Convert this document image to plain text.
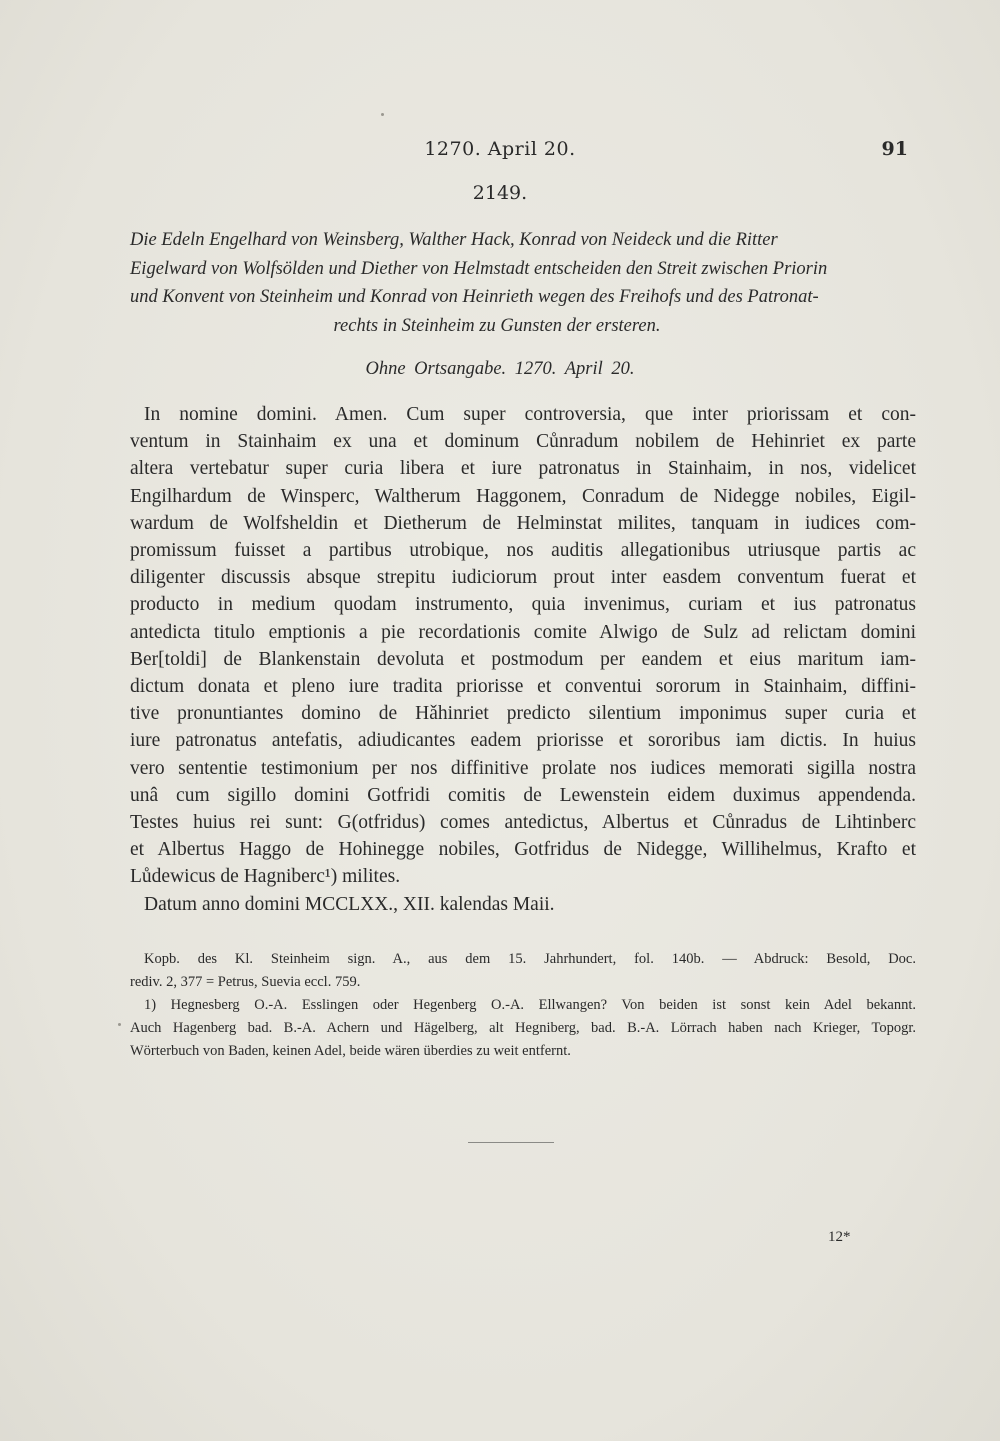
1270. April 20.	91
2149.
Die Edeln Engelhard von Weinsberg, Walther Hack, Konrad von Neideck und die Ritter
Eigelward von Wolfsölden und Diether von Helmstadt entscheiden den Streit zwischen Priorin
und Konvent von Steinheim und Konrad von Heinrieth wegen des Freihofs und des Patronat-
rechts in Steinheim zu Gunsten der ersteren.
Ohne Ortsangabe. 1270. April 20.
In nomine domini. Amen. Cum super controversia, que inter priorissam et con-
ventum in Stainhaim ex una et dominum Cůnradum nobilem de Hehinriet ex parte
altera vertebatur super curia libera et iure patronatus in Stainhaim, in nos, videlicet
Engilhardum de Winsperc, Waltherum Haggonem, Conradum de Nidegge nobiles, Eigil-
wardum de Wolfsheldin et Dietherum de Helminstat milites, tanquam in iudices com-
promissum fuisset a partibus utrobique, nos auditis allegationibus utriusque partis ac
diligenter discussis absque strepitu iudiciorum prout inter easdem conventum fuerat et
producto in medium quodam instrumento, quia invenimus, curiam et ius patronatus
antedicta titulo emptionis a pie recordationis comite Alwigo de Sulz ad relictam domini
Ber[toldi] de Blankenstain devoluta et postmodum per eandem et eius maritum iam-
dictum donata et pleno iure tradita priorisse et conventui sororum in Stainhaim, diffini-
tive pronuntiantes domino de Hǎhinriet predicto silentium imponimus super curia et
iure patronatus antefatis, adiudicantes eadem priorisse et sororibus iam dictis. In huius
vero sententie testimonium per nos diffinitive prolate nos iudices memorati sigilla nostra
unâ cum sigillo domini Gotfridi comitis de Lewenstein eidem duximus appendenda.
Testes huius rei sunt: G(otfridus) comes antedictus, Albertus et Cůnradus de Lihtinberc
et Albertus Haggo de Hohinegge nobiles, Gotfridus de Nidegge, Willihelmus, Krafto et
Lůdewicus de Hagniberc¹) milites.
Datum anno domini MCCLXX., XII. kalendas Maii.
Kopb. des Kl. Steinheim sign. A., aus dem 15. Jahrhundert, fol. 140b. — Abdruck: Besold, Doc.
rediv. 2, 377 = Petrus, Suevia eccl. 759.
1) Hegnesberg O.-A. Esslingen oder Hegenberg O.-A. Ellwangen? Von beiden ist sonst kein Adel bekannt.
Auch Hagenberg bad. B.-A. Achern und Hägelberg, alt Hegniberg, bad. B.-A. Lörrach haben nach Krieger, Topogr.
Wörterbuch von Baden, keinen Adel, beide wären überdies zu weit entfernt.
12*
